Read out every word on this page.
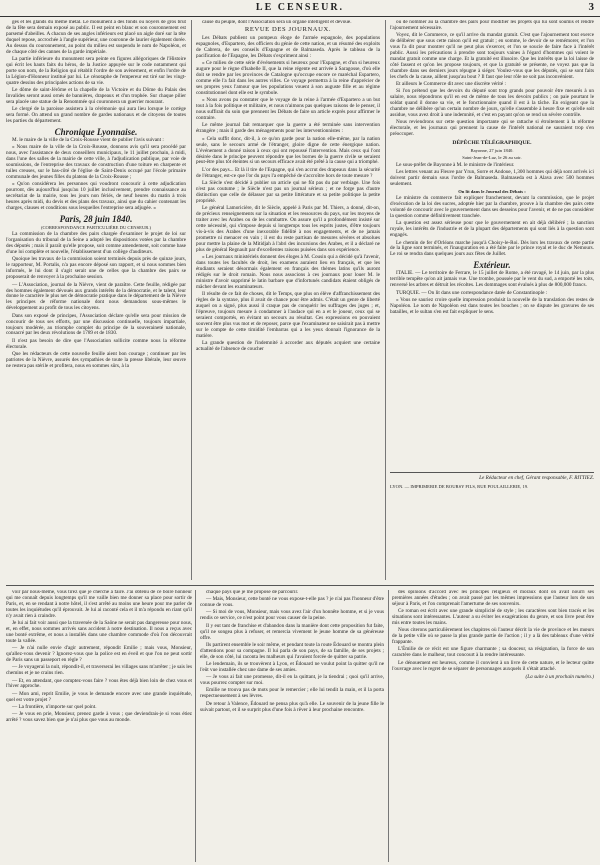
LE CENSEUR.	3

ges et les glands du même métal. Le monument à des fonds ou noyers de gros brut de la fête sera demain exposé au public. Il est peint en blanc et son couronnement est parsemé d'abeilles. A chacun de ses angles inférieurs est placé un aigle doré sur la tête duquel repose, accrochée à l'angle supérieur, une couronne de laurier également dorée. Au dessus du couronnement, au point du milieu est suspendu le nom de Napoléon, et de chaque côté des cannes de la garde impériale.

La partie inférieure du monument sera peinte en figures allégoriques de l'Histoire qui écrit les hauts faits du héros, de la Justice appuyée sur le code notamment qui porte son nom, de la Religion qui rétablit l'ordre de son avènement, et enfin l'ordre de la Légion-d'Honneur institué par lui. Le cénotaphe de l'empereur est tiré sur les vingt-quatre dessins des principales actions de sa vie.

Le dôme de saint-Jérôme et la chapelle de la Victoire et du Dôme du Palais des Invalides seront aussi ornés de bannières, drapeaux et d'un trophée. Sur chaque pilier sera placée une statue de la Renommée qui couronnera un guerrier mourant.

Le clergé de la paroisse assistera à la cérémonie qui aura lieu lorsque le cortège sera formé. On attend un grand nombre de gardes nationaux et de citoyens de toutes les parties du département.

Chronique Lyonnaise.

M. le maire de la ville de la Croix-Rousse vient de publier l'avis suivant :

« Nous maire de la ville de la Croix-Rousse, donnons avis qu'il sera procédé par nous, avec l'assistance de deux conseillers municipaux, le 11 juillet prochain, à midi, dans l'une des salles de la mairie de cette ville, à l'adjudication publique, par voie de soumissions, de l'entreprise des travaux de construction d'une toiture en charpente et tuiles creuses, sur le bas-côté de l'église de Saint-Denis occupé par l'école primaire communale des jeunes filles du plateau de la Croix-Rousse ;

« Qu'on considérera les personnes qui voudront concourir à cette adjudication pourront, dès aujourd'hui jusqu'au 10 juillet inclusivement, prendre connaissance au secrétariat de la mairie, tous les jours non fériés, de neuf heures du matin à trois heures après midi, du devis et des plans des travaux, ainsi que du cahier contenant les charges, clauses et conditions sous lesquelles l'entreprise sera adjugée. »

Paris, 28 juin 1840.
(CORRESPONDANCE PARTICULIÈRE DU CENSEUR.)

La commission de la chambre des pairs chargée d'examiner le projet de loi sur l'organisation du tribunal de la Seine a adopté les dispositions votées par la chambre des députés ; mais il paraît qu'elle propose, soit comme amendement, soit comme base d'une loi complète et nouvelle, l'établissement d'un collège d'auditeurs.

Quoique les travaux de la commission soient terminés depuis près de quinze jours, le rapporteur, M. Portalis, n'a pas encore déposé son rapport, et si nous sommes bien informés, le lui dont il s'agit serait une de celles que la chambre des pairs se proposerait de renvoyer à la prochaine session.

— L'Association, journal de la Nièvre, vient de paraître. Cette feuille, rédigée par des hommes également dévoués aux grands intérêts de la démocratie, et le talent, leur donne le caractère le plus net de démocratie pratique dans le département de la Nièvre les principes de réforme nationale dont nous demandons sous-mêmes le développement au profit de tous les citoyens.

Dans son exposé de principes, l'Association déclare qu'elle sera pour mission de concourir de tous ses efforts, par une discussion continuelle, toujours impartiale, toujours modérée, au triomphe complet du principe de la souveraineté nationale, consacré par les deux révolutions de 1789 et de 1830.

Il n'est pas besoin de dire que l'Association sollicite comme nous la réforme électorale.

Que les rédacteurs de cette nouvelle feuille aient bon courage ; continuer par les patriotes de la Nièvre, assurés des sympathies de toute la presse libérale, leur œuvre ne restera pas stérile et profitera, nous en sommes sûrs, à la

cause du peuple, dont l'Association sera un organe intelligent et dévoué.

REVUE DES JOURNAUX.

Les Débats publient un pompeux éloge de l'armée espagnole, des populations espagnoles, d'Espartero, des officiers du génie de cette nation, et un résumé des exploits de Cabrera, de ses conseils d'Espagne et de Balmaseda. Après le tableau de la pacification de l'Espagne, les Débats s'expriment ainsi :

« Ce milieu de cette série d'événements si heureux pour l'Espagne, et d'un si heureux augure pour le règne d'Isabelle II, que la reine régente est arrivée à Saragosse, d'où elle doit se rendre par les provinces de Catalogne qu'occupe encore ce maréchal Espartero, comme elle l'a fait dans les autres villes. Ce voyage permettra à la reine d'apprécier de ses propres yeux l'amour que les populations vouent à son auguste fille et au régime constitutionnel dont elle est le symbole.

« Nous avons pu constater que le voyage de la reine à l'armée d'Espartero a un but tout à la fois politique et militaire, et nous n'aimons pas quelques raisons de le penser, il nous suffirait du soin que prennent les Débats de faire un article exprès pour affirmer le contraire.

Le même journal fait remarquer que la guerre a été terminée sans intervention étrangère ; mais il garde des ménagements pour les interventionnistes :

« Cela suffit donc, dit-il, à ce qu'on garde pour la nation elle-même, par la nation seule, sans le secours armé de l'étranger, gloire digne de cette énergique nation. L'événement a donné raison à ceux qui ont repoussé l'intervention. Mais ceux qui l'ont désirée dans le principe peuvent répondre que les bornes de la guerre civile se seraient peut-être plus tôt éteintes si un secours efficace avait été prêté à la cause qui a triomphé.

L'or des pays... Et là il tire de l'Espagne, qui s'en accrut des drapeaux dans la sécurité de l'étranger, est-ce que l'or du pays l'a empêché de s'accroître hors de toute mesure ?

La Siècle s'est décidé à publier un article qui ne fût pas du par verbiage. Une fois n'est pas coutume ; le Siècle n'est pas un journal sérieux ; et ne forge pas d'autre distinction que celle de délasser par sa petite littérature et sa petite politique la petite propriété.

Le général Lamoricière, dit le Siècle, appelé à Paris par M. Thiers, a donné, dit-on, de précieux renseignements sur la situation et les ressources du pays, sur les moyens de traiter avec les Arabes ou de les combattre. On assure qu'il a profondément insisté sur cette nécessité, qui s'impose depuis si longtemps tous les esprits justes, d'être toujours vis-à-vis des Arabes d'une inexorable fidélité à nos engagements, et de ne jamais promettre ni menacer en vain ; il est du reste partisan de mesures sévères et absolues pour mettre la plaine de la Mitidjah à l'abri des incursions des Arabes, et il a déclaré ne plus de général Regnault par d'excellentes raisons puisées dans son expérience.

« Les journaux ministériels donnent des éloges à M. Cousin qui a décidé qu'à l'avenir, dans toutes les facultés de droit, les examens auraient lieu en français, et que les étudiants seraient désormais également en français des thèmes latins qu'ils auront rédigés sur le droit romain. Nous nous associons à ces journaux pour louer M. le ministre d'avoir supprimé le latin barbare que d'infortunés candidats étaient obligés de mâcher devant les examinateurs.

Il résulte de ce fait de choses, dit le Temps, que plus on élève d'affranchissement des règles de la syntaxe, plus il avait de chance pour être admis. C'était un genre de liberté auquel on a signé, plus aussi il craque pas de conquérir les suffrages des juges ; et, l'épreuve, toujours mesure à condamner à l'audace qui en a et le joueur, ceux qui se seraient comportés, en évitant un secours au résultat. Ces expressions en pouvaient souvent être plus vus mot et de reposer, parce que l'examinateur ne saisirait pas à mettre sur le compte de cette timidité l'embarras qui a les yeux donnait l'ignorance de la matière.

La grande question de l'indemnité à accorder aux députés acquiert une certaine actualité de l'absence de coucher

ou de nommer au la chambre des pairs pour modifier les projets qui lui sont soumis et rendre l'ajournement nécessaire.

Voyez, dit le Commerce, ce qu'il arrive du mandat gratuit. C'est que l'ajournement tout exerce de délibérer que sous cette raison qu'il est gratuit ; en somme, le devoir de se remémorer, et l'on vous l'a dit pour montrer qu'il ne peut plus s'exercer, et l'on se soucie de faire face à l'intérêt public. Aussi les précautions à prendre sont toujours vaines à l'égard d'hommes qui voient le mandat gratuit comme une charge. Et la gratuité est illusoire. Que les intérêts que la loi laisse de côté fassent et qu'on les propose toujours, et que la gratuité se présente, ne voyez pas que la chambre dans ses derniers jours répugne à siéger. Voulez-vous que les députés, qui se sont faits les chefs de la cause, aillent jusqu'au bout ? Il faut que leur rôle ne soit pas inconvénient.

Et ailleurs le Commerce dit avec une discrète vérité :

Si l'on prétend que les devoirs du député sont trop grands pour pouvoir être mesurés à un salaire, nous répondrons qu'il en est de même de tous les devoirs publics ; on paie pourtant le soldat quand il donne sa vie, et le fonctionnaire quand il est à la tâche. En exigeant que la chambre ne délibère qu'un certain nombre de jours, qu'elle s'assemble à heure fixe et qu'elle soit assidue, vous avez droit à une indemnité, et c'est en payant qu'on se rend un sévère contrôle.

Nous reviendrons sur cette question importante qui se rattache si étroitement à la réforme électorale, et les journaux qui prennent la cause de l'intérêt national ne sauraient trop s'en préoccuper.

DÉPÊCHE TÉLÉGRAPHIQUE.
Bayonne, 27 juin 1840.
Saint-Jean-de-Luz, le 26 au soir.

Le sous-préfet de Bayonne à M. le ministre de l'intérieur.

Les lettres venant au Fleuve par Yrun, Sorre et Andoue, 1,300 hommes qui déjà sont arrivés ici doivent partir demain sous l'ordre de Balmaseda. Balmaseda est à Alava avec 500 hommes seulement.

On lit dans le Journal des Débats :

Le ministre du commerce fait expliquer franchement, devant la commission, que le projet d'exécution de la loi des sucres, adoptée hier par la chambre, prouve à la chambre des pairs cette volonté de concourir avec le gouvernement dans ses desseins pour l'avenir, et de ne pas considérer la question comme définitivement tranchée.

La question est assez sérieuse pour que le gouvernement en ait déjà délibéré ; la sanction royale, les intérêts de l'industrie et de la plupart des départements qui sont liés à la question sont engagés.

Le chemin de fer d'Orléans marche jusqu'à Choisy-le-Roi. Dès lors les travaux de cette partie de la ligne sont terminés, et l'inauguration en a été faite par le prince royal et le duc de Nemours. Le roi se rendra dans quelques jours aux fêtes de Juillet.

Extérieur.

ITALIE. — Le territoire de Ferrare, le 15 juillet de Rome, a été ravagé, le 14 juin, par la plus terrible tempête qu'on ait jamais vue. Une trombe, poussée par le vent du sud, a emporté les toits, renversé les arbres et détruit les récoltes. Les dommages sont évalués à plus de 800,000 francs.

TURQUIE. — On lit dans une correspondance datée de Constantinople :

« Vous ne sauriez croire quelle impression produisit la nouvelle de la translation des restes de Napoléon. Le nom de Napoléon est dans toutes les bouches ; on se dispute les gravures de ses batailles, et le sultan s'en est fait expliquer le sens.

Le Rédacteur en chef, Gérant responsable, F. RITTIEZ.
LYON. — IMPRIMERIE DE BOURSY FILS, RUE POULAILLERIE, 19.

voir par nous-même, vous tirez que je cherche à faire. J'ai obtenu de ce boire honneur qui me connaît depuis longtemps qu'il me vaille bien me donner sa place pour sortir de Paris, et, en se rendant à notre hôtel, il s'est arrêté au moins une heure pour me parler de toutes les inquiétudes qu'il éprouvait. Je lui ai raconté cela et il m'a répondu en riant qu'il n'y avait rien à craindre.

Je lui ai fait voir aussi que la traversée de la Saône ne serait pas dangereuse pour nous, et, en effet, nous sommes arrivés sans accident à notre destination. Il nous a reçus avec une bonté extrême, et nous a installés dans une chambre commode d'où l'on découvrait toute la vallée.

— Je n'ai nulle envie d'agir autrement, répondit Emilie ; mais vous, Monsieur, qu'allez-vous devenir ? Ignorez-vous que la police est en éveil et que l'on ne peut sortir de Paris sans un passeport en règle ?

— Je voyagerai la nuit, répondit-il, et traverserai les villages sans m'arrêter ; je sais les chemins et je ne crains rien.

— Et, en attendant, que comptez-vous faire ? vous êtes déjà bien loin de chez vous et l'hiver approche.

— Mon ami, reprit Emilie, je vous le demande encore avec une grande inquiétude, quel est votre projet ?

— La frontière, n'importe sur quel point.

— Je vous en prie, Monsieur, prenez garde à vous ; que deviendrais-je si vous étiez arrêté ? vous savez bien que je n'ai plus que vous au monde.

chaque pays que je me propose de parcourir.

— Mais, Monsieur, cette bonté ne vous expose-t-elle pas ? je n'ai pas l'honneur d'être connue de vous.

— Si moi de vous, Monsieur, mais vous avez l'air d'un honnête homme, et si je vous rendis ce service, ce n'est point pour vous causer de la peine.

Il y eut tant de franchise et d'abandon dans la manière dont cette proposition fut faite, qu'il ne songea plus à refuser, et remercia vivement le jeune homme de sa généreuse offre.

Ils partirent ensemble le soir même, et pendant toute la route Édouard se montra plein d'attentions pour sa compagne. Il lui parla de son pays, de sa famille, de ses projets ; elle, de son côté, lui raconta les malheurs qui l'avaient forcée de quitter sa patrie.

Le lendemain, ils se trouvèrent à Lyon, et Édouard ne voulut point la quitter qu'il ne l'eût vue installée chez une dame de ses amies.

— Je vous ai fait une promesse, dit-il en la quittant, je la tiendrai ; quoi qu'il arrive, vous pourrez compter sur moi.

Emilie ne trouva pas de mots pour le remercier ; elle lui tendit la main, et il la porta respectueusement à ses lèvres.

De retour à Valence, Édouard ne pensa plus qu'à elle. Le souvenir de la jeune fille le suivait partout, et il se surprit plus d'une fois à rêver à leur prochaine rencontre.

des opinions d'accord avec les principes religieux et moraux dont on avait nourri ses premières années d'études ; on avait passé par les mêmes impressions que l'auteur lors de son séjour à Paris, et l'on comprenait l'amertume de ses souvenirs.

Ce roman est écrit avec une grande simplicité de style ; les caractères sont bien tracés et les situations sont intéressantes. L'auteur a su éviter les exagérations du genre, et son livre peut être mis entre toutes les mains.

Nous citerons particulièrement les chapitres où l'auteur décrit la vie de province et les mœurs de la petite ville où se passe la plus grande partie de l'action ; il y a là des tableaux d'une vérité frappante.

L'Émilie de ce récit est une figure charmante ; sa douceur, sa résignation, la force de son caractère dans le malheur, tout concourt à la rendre intéressante.

Le dénouement est heureux, comme il convient à un livre de cette nature, et le lecteur quitte l'ouvrage avec le regret de se séparer de personnages auxquels il s'était attaché.

(La suite à un prochain numéro.)
